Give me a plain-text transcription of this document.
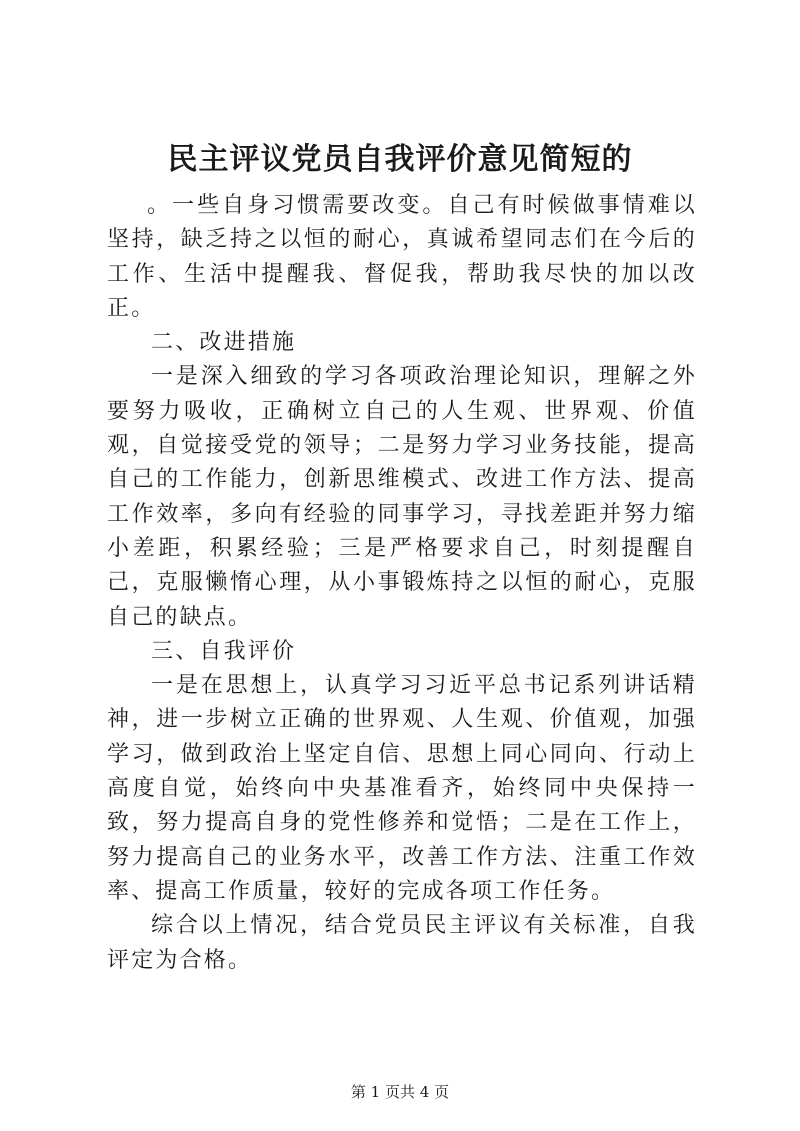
民主评议党员自我评价意见简短的

。一些自身习惯需要改变。自己有时候做事情难以坚持，缺乏持之以恒的耐心，真诚希望同志们在今后的工作、生活中提醒我、督促我，帮助我尽快的加以改正。

二、改进措施

一是深入细致的学习各项政治理论知识，理解之外要努力吸收，正确树立自己的人生观、世界观、价值观，自觉接受党的领导；二是努力学习业务技能，提高自己的工作能力，创新思维模式、改进工作方法、提高工作效率，多向有经验的同事学习，寻找差距并努力缩小差距，积累经验；三是严格要求自己，时刻提醒自己，克服懒惰心理，从小事锻炼持之以恒的耐心，克服自己的缺点。

三、自我评价

一是在思想上，认真学习习近平总书记系列讲话精神，进一步树立正确的世界观、人生观、价值观，加强学习，做到政治上坚定自信、思想上同心同向、行动上高度自觉，始终向中央基准看齐，始终同中央保持一致，努力提高自身的党性修养和觉悟；二是在工作上，努力提高自己的业务水平，改善工作方法、注重工作效率、提高工作质量，较好的完成各项工作任务。

综合以上情况，结合党员民主评议有关标准，自我评定为合格。

第 1 页共 4 页
